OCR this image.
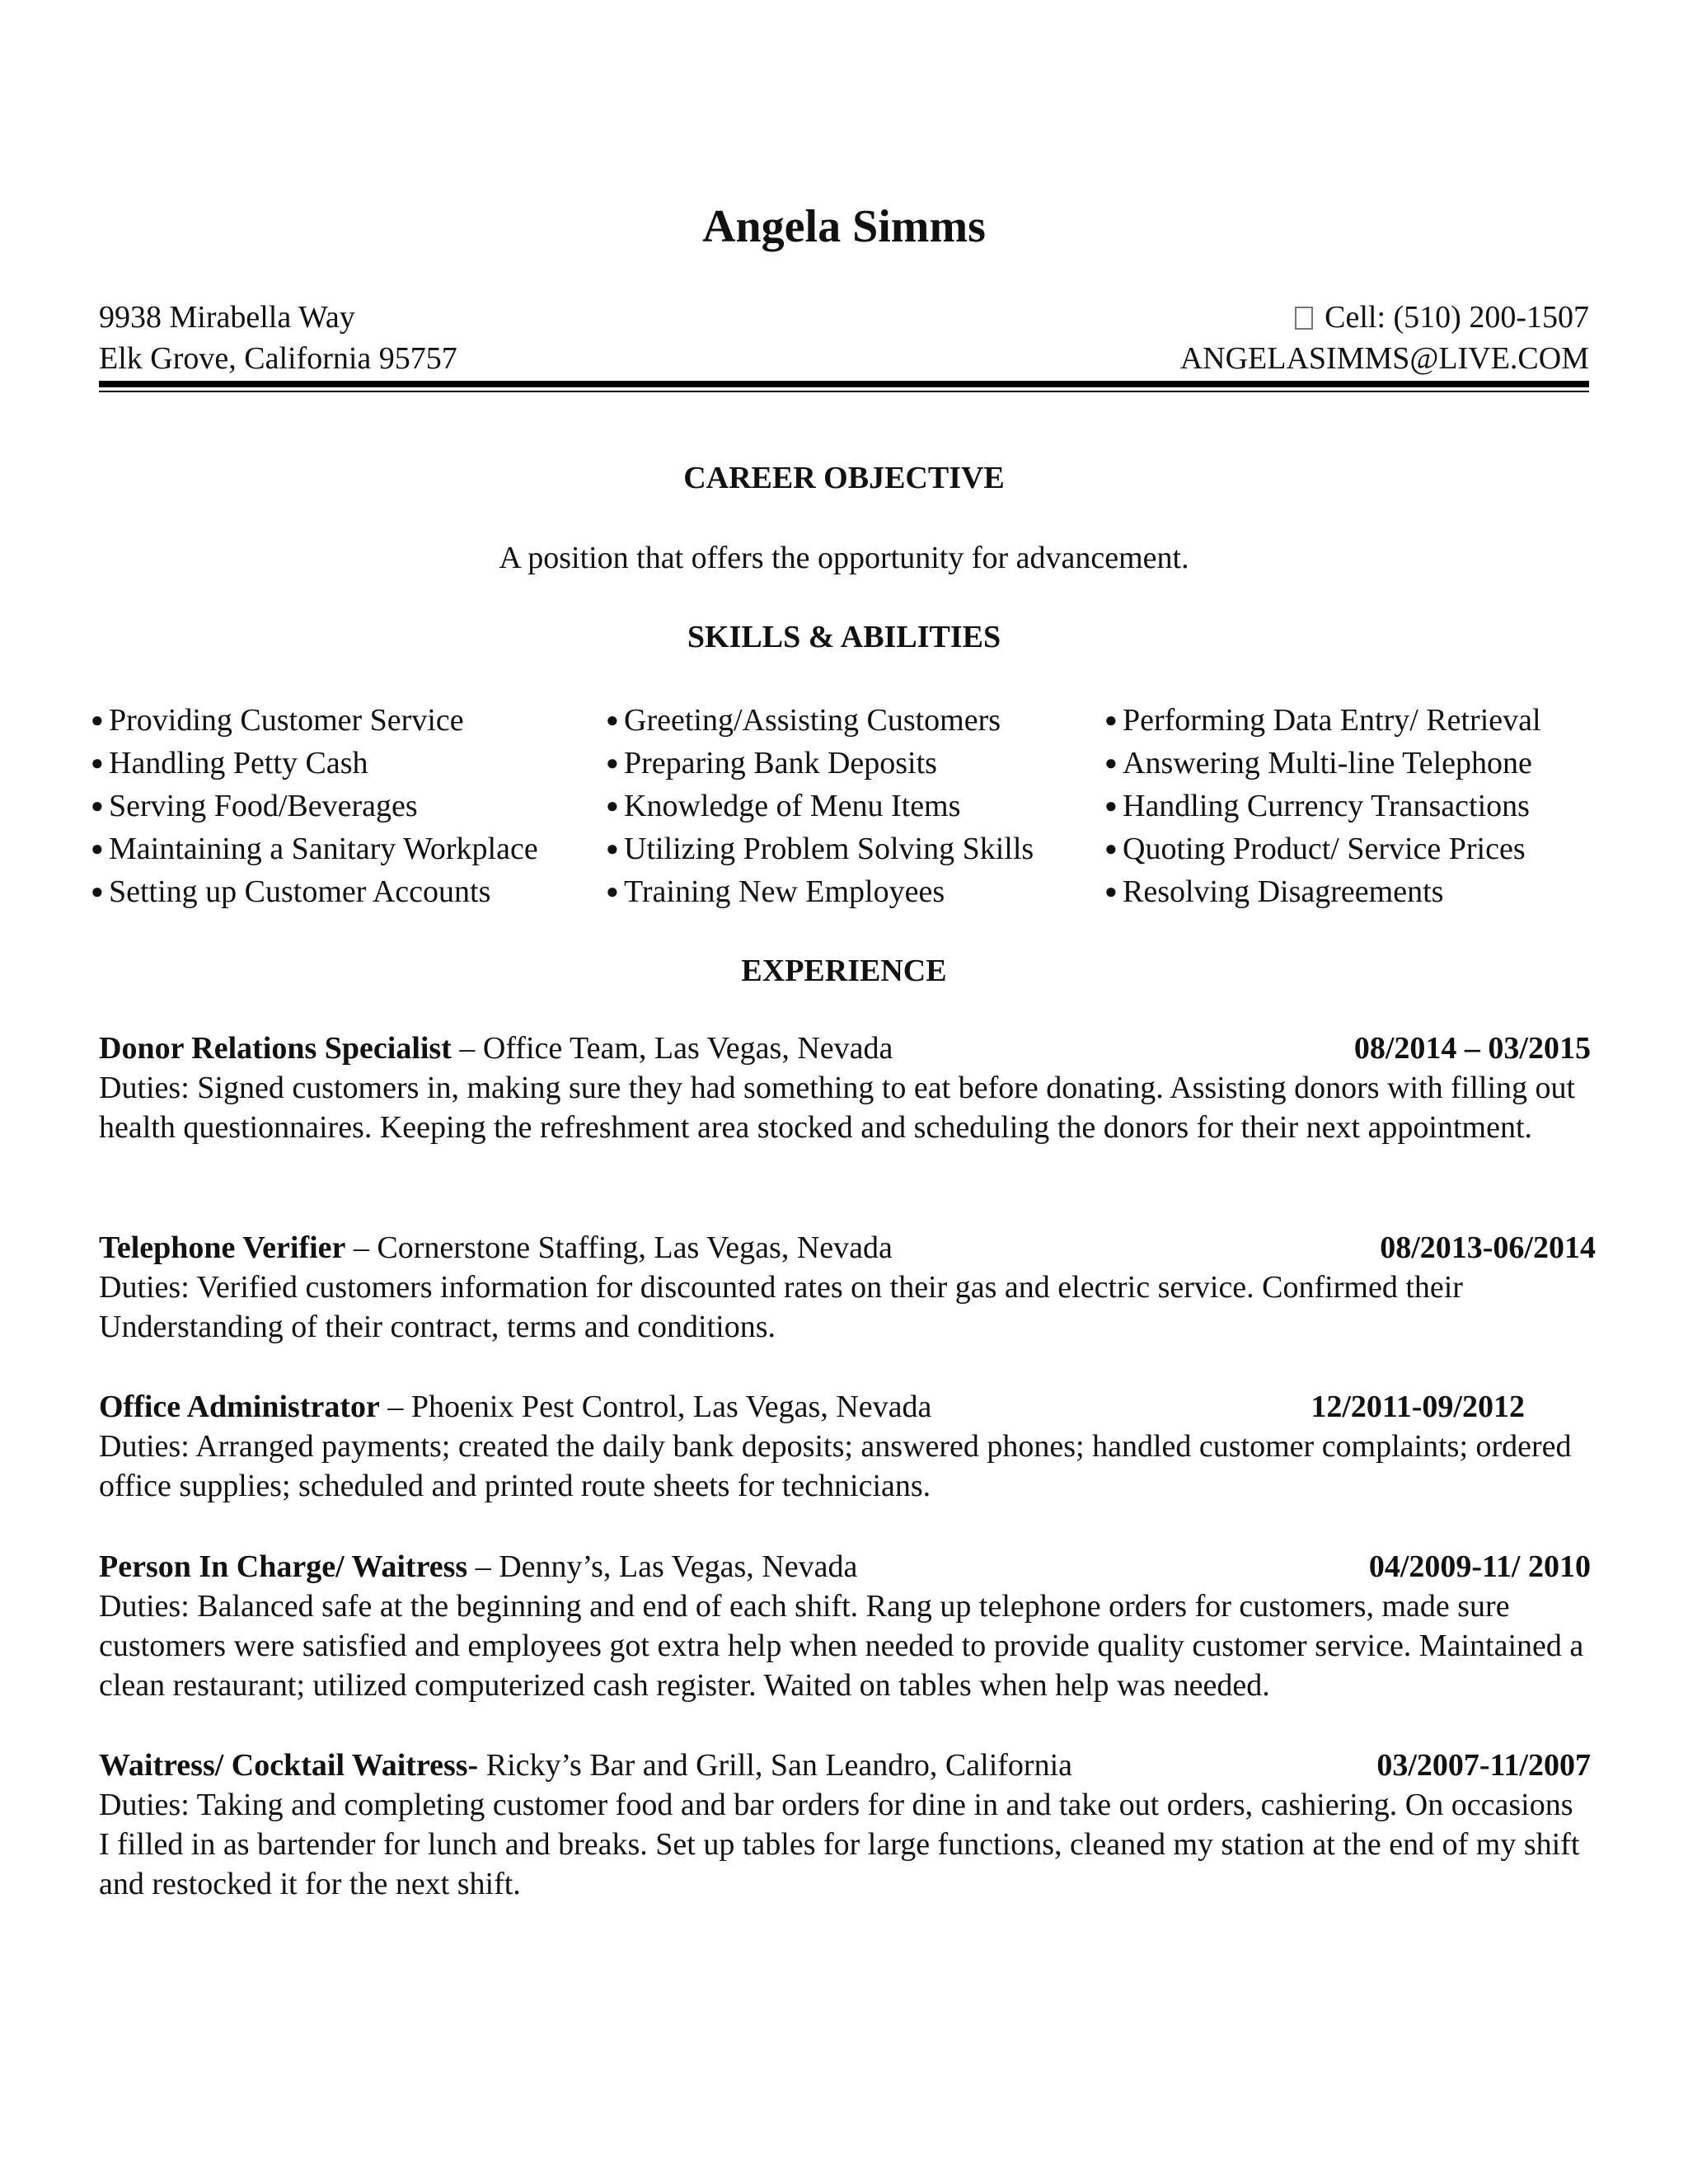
Angela Simms
9938 Mirabella Way
Elk Grove, California 95757
Cell: (510) 200-1507
ANGELASIMMS@LIVE.COM
CAREER OBJECTIVE
A position that offers the opportunity for advancement.
SKILLS & ABILITIES
● Providing Customer Service
● Handling Petty Cash
● Serving Food/Beverages
● Maintaining a Sanitary Workplace
● Setting up Customer Accounts
● Greeting/Assisting Customers
● Preparing Bank Deposits
● Knowledge of Menu Items
● Utilizing Problem Solving Skills
● Training New Employees
● Performing Data Entry/ Retrieval
● Answering Multi-line Telephone
● Handling Currency Transactions
● Quoting Product/ Service Prices
● Resolving Disagreements
EXPERIENCE
Donor Relations Specialist – Office Team, Las Vegas, Nevada	08/2014 – 03/2015

Duties: Signed customers in, making sure they had something to eat before donating. Assisting donors with filling out health questionnaires. Keeping the refreshment area stocked and scheduling the donors for their next appointment.

Telephone Verifier – Cornerstone Staffing, Las Vegas, Nevada	08/2013-06/2014

Duties: Verified customers information for discounted rates on their gas and electric service. Confirmed their Understanding of their contract, terms and conditions.

Office Administrator – Phoenix Pest Control, Las Vegas, Nevada	12/2011-09/2012

Duties: Arranged payments; created the daily bank deposits; answered phones; handled customer complaints; ordered office supplies; scheduled and printed route sheets for technicians.

Person In Charge/ Waitress – Denny’s, Las Vegas, Nevada	04/2009-11/ 2010

Duties: Balanced safe at the beginning and end of each shift. Rang up telephone orders for customers, made sure customers were satisfied and employees got extra help when needed to provide quality customer service. Maintained a clean restaurant; utilized computerized cash register. Waited on tables when help was needed.

Waitress/ Cocktail Waitress- Ricky’s Bar and Grill, San Leandro, California	03/2007-11/2007

Duties: Taking and completing customer food and bar orders for dine in and take out orders, cashiering. On occasions I filled in as bartender for lunch and breaks. Set up tables for large functions, cleaned my station at the end of my shift and restocked it for the next shift.
